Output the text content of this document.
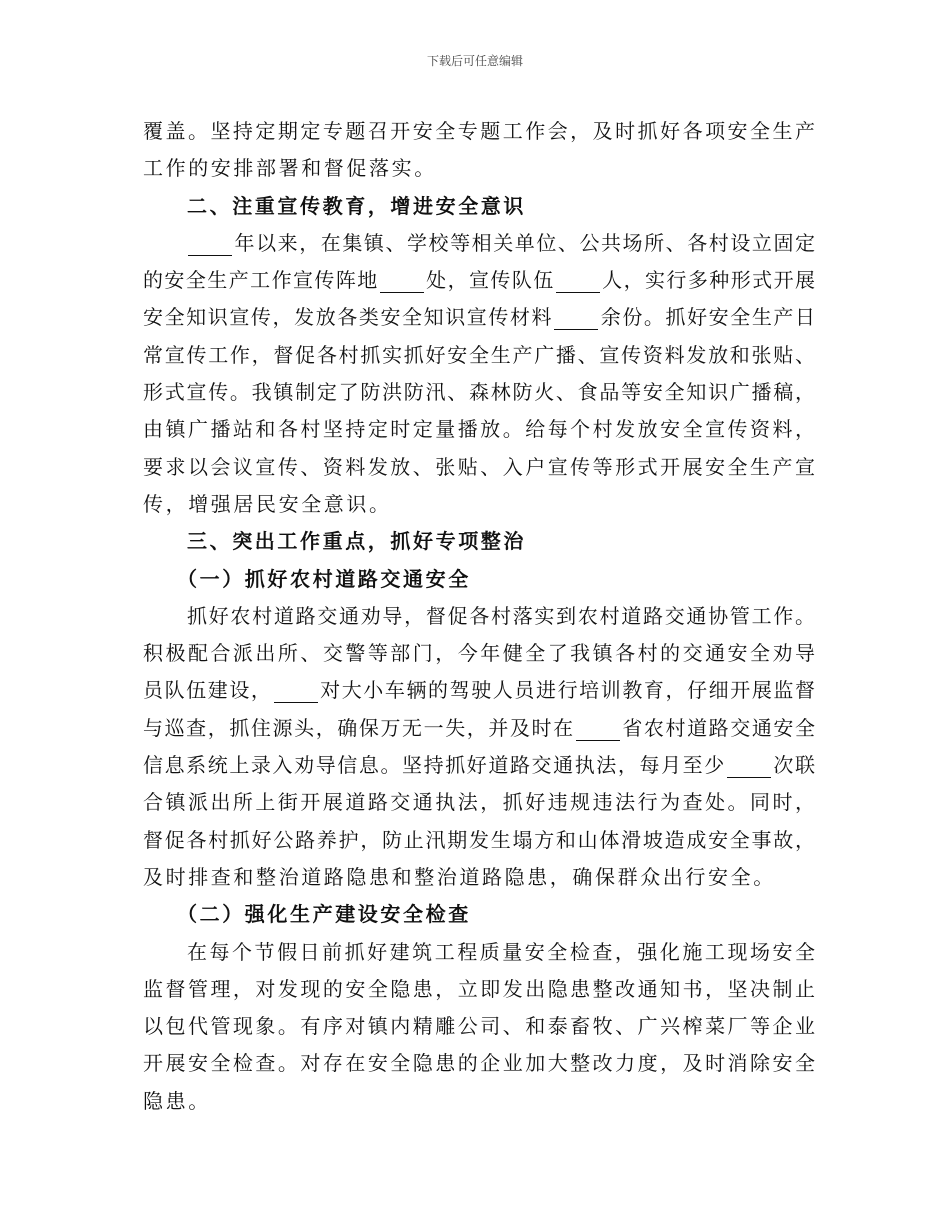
下载后可任意编辑
覆盖。坚持定期定专题召开安全专题工作会，及时抓好各项安全生产
工作的安排部署和督促落实。
二、注重宣传教育，增进安全意识
年以来，在集镇、学校等相关单位、公共场所、各村设立固定
的安全生产工作宣传阵地 处，宣传队伍 人，实行多种形式开展
安全知识宣传，发放各类安全知识宣传材料 余份。抓好安全生产日
常宣传工作，督促各村抓实抓好安全生产广播、宣传资料发放和张贴、
形式宣传。我镇制定了防洪防汛、森林防火、食品等安全知识广播稿，
由镇广播站和各村坚持定时定量播放。给每个村发放安全宣传资料，
要求以会议宣传、资料发放、张贴、入户宣传等形式开展安全生产宣
传，增强居民安全意识。
三、突出工作重点，抓好专项整治
（一）抓好农村道路交通安全
抓好农村道路交通劝导，督促各村落实到农村道路交通协管工作。
积极配合派出所、交警等部门，今年健全了我镇各村的交通安全劝导
员队伍建设， 对大小车辆的驾驶人员进行培训教育，仔细开展监督
与巡查，抓住源头，确保万无一失，并及时在 省农村道路交通安全
信息系统上录入劝导信息。坚持抓好道路交通执法，每月至少 次联
合镇派出所上街开展道路交通执法，抓好违规违法行为查处。同时，
督促各村抓好公路养护，防止汛期发生塌方和山体滑坡造成安全事故，
及时排查和整治道路隐患和整治道路隐患，确保群众出行安全。
（二）强化生产建设安全检查
在每个节假日前抓好建筑工程质量安全检查，强化施工现场安全
监督管理，对发现的安全隐患，立即发出隐患整改通知书，坚决制止
以包代管现象。有序对镇内精雕公司、和泰畜牧、广兴榨菜厂等企业
开展安全检查。对存在安全隐患的企业加大整改力度，及时消除安全
隐患。
